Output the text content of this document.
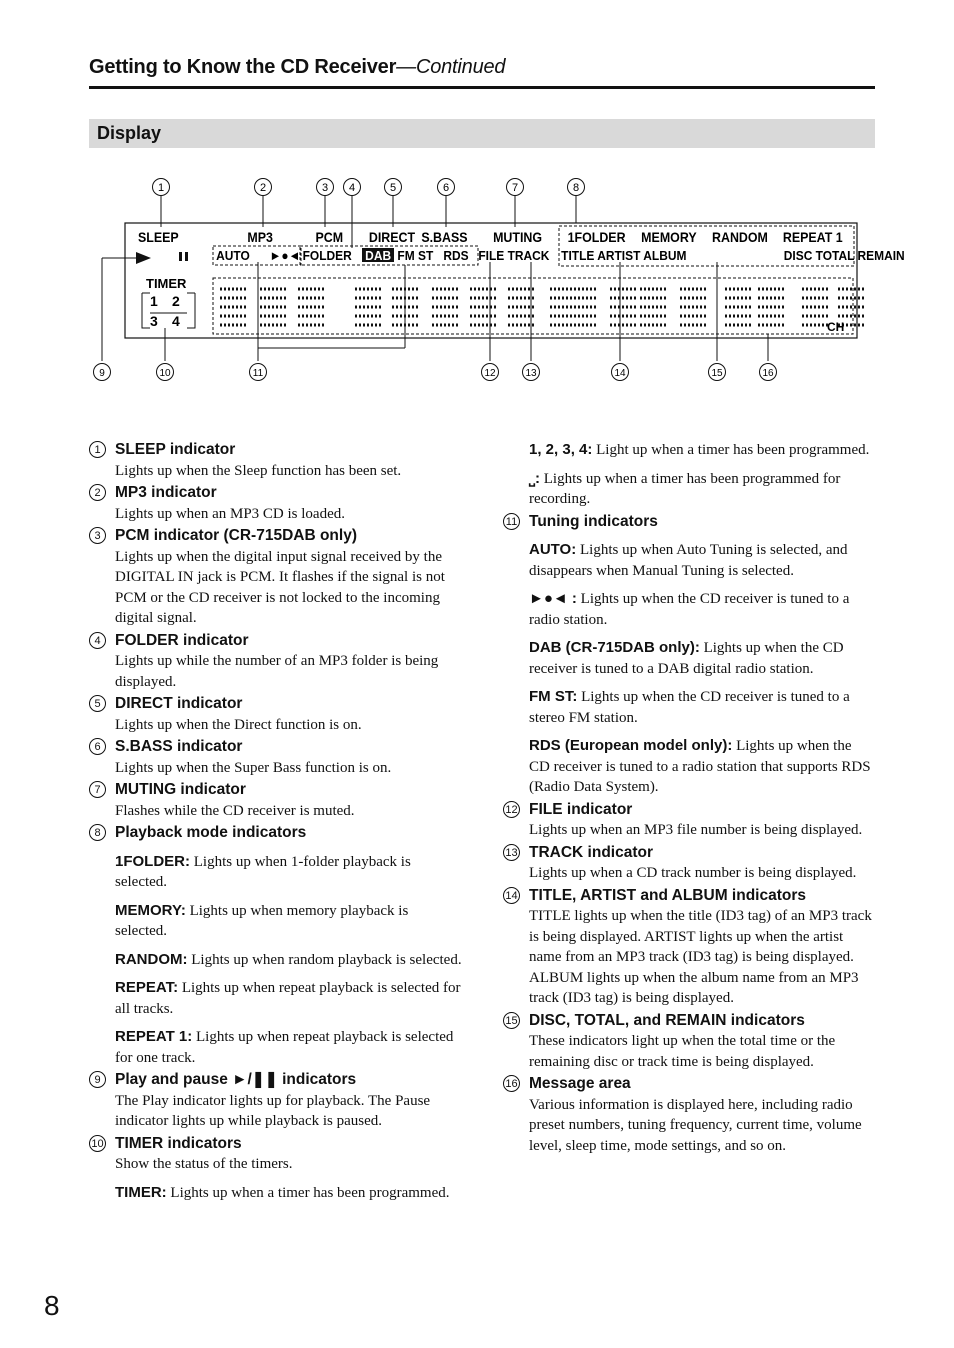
Getting to Know the CD Receiver—Continued
Display
1	2	3 4	5	6	7	8
SLEEP	MP3	PCM DIRECT S.BASS MUTING 1FOLDER MEMORY RANDOM REPEAT 1
AUTO ►●◄ FOLDER DAB FM ST RDS FILE TRACK TITLE ARTIST ALBUM	DISC TOTAL REMAIN
TIMER
1 2
3 4	CH
9	10	11	12	13	14	15	16
1 SLEEP indicator
Lights up when the Sleep function has been set.
2 MP3 indicator
Lights up when an MP3 CD is loaded.
3 PCM indicator (CR-715DAB only)
Lights up when the digital input signal received by the DIGITAL IN jack is PCM. It flashes if the signal is not PCM or the CD receiver is not locked to the incoming digital signal.
4 FOLDER indicator
Lights up while the number of an MP3 folder is being displayed.
5 DIRECT indicator
Lights up when the Direct function is on.
6 S.BASS indicator
Lights up when the Super Bass function is on.
7 MUTING indicator
Flashes while the CD receiver is muted.
8 Playback mode indicators
1FOLDER: Lights up when 1-folder playback is selected.
MEMORY: Lights up when memory playback is selected.
RANDOM: Lights up when random playback is selected.
REPEAT: Lights up when repeat playback is selected for all tracks.
REPEAT 1: Lights up when repeat playback is selected for one track.
9 Play and pause ►/❚❚ indicators
The Play indicator lights up for playback. The Pause indicator lights up while playback is paused.
10 TIMER indicators
Show the status of the timers.
TIMER: Lights up when a timer has been programmed.
1, 2, 3, 4: Light up when a timer has been programmed.
⎵: Lights up when a timer has been programmed for recording.
11 Tuning indicators
AUTO: Lights up when Auto Tuning is selected, and disappears when Manual Tuning is selected.
►●◄ : Lights up when the CD receiver is tuned to a radio station.
DAB (CR-715DAB only): Lights up when the CD receiver is tuned to a DAB digital radio station.
FM ST: Lights up when the CD receiver is tuned to a stereo FM station.
RDS (European model only): Lights up when the CD receiver is tuned to a radio station that supports RDS (Radio Data System).
12 FILE indicator
Lights up when an MP3 file number is being displayed.
13 TRACK indicator
Lights up when a CD track number is being displayed.
14 TITLE, ARTIST and ALBUM indicators
TITLE lights up when the title (ID3 tag) of an MP3 track is being displayed. ARTIST lights up when the artist name from an MP3 track (ID3 tag) is being displayed. ALBUM lights up when the album name from an MP3 track (ID3 tag) is being displayed.
15 DISC, TOTAL, and REMAIN indicators
These indicators light up when the total time or the remaining disc or track time is being displayed.
16 Message area
Various information is displayed here, including radio preset numbers, tuning frequency, current time, volume level, sleep time, mode settings, and so on.
8
